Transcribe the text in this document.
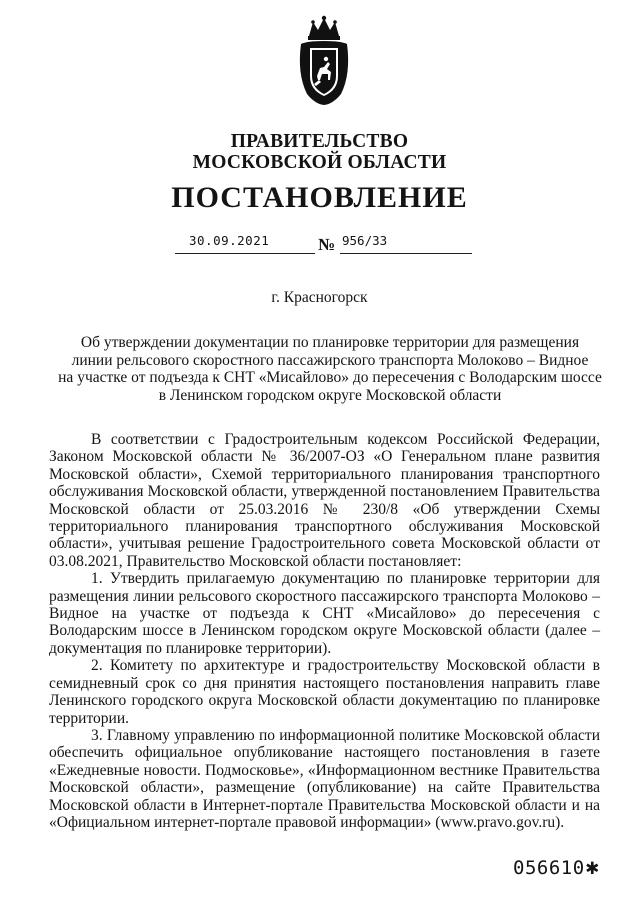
ПРАВИТЕЛЬСТВО
МОСКОВСКОЙ ОБЛАСТИ
ПОСТАНОВЛЕНИЕ
30.09.2021	№ 956/33
г. Красногорск
Об утверждении документации по планировке территории для размещения
линии рельсового скоростного пассажирского транспорта Молоково – Видное
на участке от подъезда к СНТ «Мисайлово» до пересечения с Володарским шоссе
в Ленинском городском округе Московской области

В соответствии с Градостроительным кодексом Российской Федерации, Законом Московской области № 36/2007-ОЗ «О Генеральном плане развития Московской области», Схемой территориального планирования транспортного обслуживания Московской области, утвержденной постановлением Правительства Московской области от 25.03.2016 № 230/8 «Об утверждении Схемы территориального планирования транспортного обслуживания Московской области», учитывая решение Градостроительного совета Московской области от 03.08.2021, Правительство Московской области постановляет:

1. Утвердить прилагаемую документацию по планировке территории для размещения линии рельсового скоростного пассажирского транспорта Молоково – Видное на участке от подъезда к СНТ «Мисайлово» до пересечения с Володарским шоссе в Ленинском городском округе Московской области (далее – документация по планировке территории).

2. Комитету по архитектуре и градостроительству Московской области в семидневный срок со дня принятия настоящего постановления направить главе Ленинского городского округа Московской области документацию по планировке территории.

3. Главному управлению по информационной политике Московской области обеспечить официальное опубликование настоящего постановления в газете «Ежедневные новости. Подмосковье», «Информационном вестнике Правительства Московской области», размещение (опубликование) на сайте Правительства Московской области в Интернет-портале Правительства Московской области и на «Официальном интернет-портале правовой информации» (www.pravo.gov.ru).

056610✱
